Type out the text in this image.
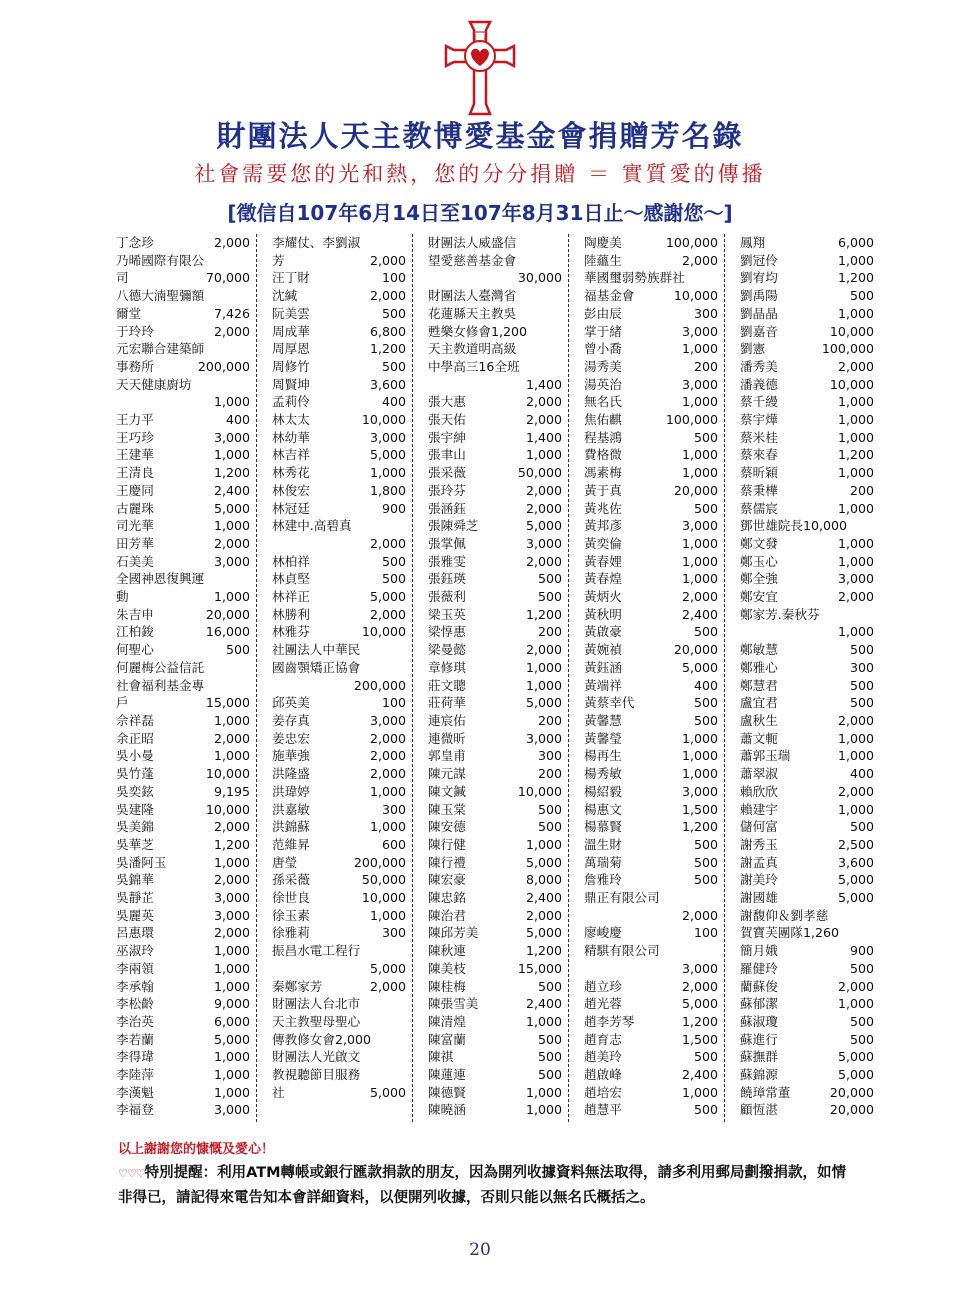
財團法人天主教博愛基金會捐贈芳名錄
社會需要您的光和熱，您的分分捐贈 ＝ 實質愛的傳播
[徵信自107年6月14日至107年8月31日止～感謝您～]
丁念珍	2,000
乃晞國際有限公
司	70,000
八德大湳聖彌額
爾堂	7,426
于玲玲	2,000
元宏聯合建築師
事務所	200,000
天天健康廚坊
1,000
王力平	400
王巧珍	3,000
王建華	1,000
王清良	1,200
王慶同	2,400
古麗珠	5,000
司光華	1,000
田芳華	2,000
石美美	3,000
全國神恩復興運
動	1,000
朱吉申	20,000
江柏鋑	16,000
何聖心	500
何麗梅公益信託
社會福利基金專
戶	15,000
佘祥磊	1,000
余正昭	2,000
吳小曼	1,000
吳竹蓬	10,000
吳奕鉉	9,195
吳建隆	10,000
吳美錦	2,000
吳華芝	1,200
吳潘阿玉	1,000
吳錦華	2,000
吳靜芷	3,000
吳麗英	3,000
呂惠環	2,000
巫淑玲	1,000
李兩領	1,000
李承翰	1,000
李松齡	9,000
李治英	6,000
李若蘭	5,000
李得瑋	1,000
李陸萍	1,000
李漢魁	1,000
李福登	3,000
李耀仗、李劉淑
芳	2,000
汪丁財	100
沈緘	2,000
阮美雲	500
周成華	6,800
周厚恩	1,200
周修竹	500
周賢坤	3,600
孟莉伶	400
林太太	10,000
林幼華	3,000
林吉祥	5,000
林秀花	1,000
林俊宏	1,800
林冠廷	900
林建中.高碧真
2,000
林柏祥	500
林貞堅	500
林祥正	5,000
林勝利	2,000
林雅芬	10,000
社團法人中華民
國齒顎矯正協會
200,000
邱英美	100
姜存真	3,000
姜忠宏	2,000
施華強	2,000
洪隆盛	2,000
洪瑋婷	1,000
洪嘉敏	300
洪錦蘇	1,000
范維昇	600
唐瑩	200,000
孫采薇	50,000
徐世良	10,000
徐玉素	1,000
徐雅莉	300
振昌水電工程行
5,000
秦鄭家芳	2,000
財團法人台北市
天主教聖母聖心
傳教修女會2,000
財團法人光啟文
教視聽節目服務
社	5,000
財團法人威盛信
望愛慈善基金會
30,000
財團法人臺灣省
花蓮縣天主教吳
甦樂女修會1,200
天主教道明高級
中學高三16全班
1,400
張大惠	2,000
張天佑	2,000
張宇紳	1,400
張聿山	1,000
張采薇	50,000
張玲芬	2,000
張涵鈺	2,000
張陳舜芝	5,000
張掌佩	3,000
張雅雯	2,000
張鈺瑛	500
張薇利	500
梁玉英	1,200
梁惇惠	200
梁曼懿	2,000
章修琪	1,000
莊文聰	1,000
莊荷華	5,000
連宸佑	200
連微昕	3,000
郭皇甫	300
陳元謀	200
陳文鍼	10,000
陳玉棠	500
陳安德	500
陳行健	1,000
陳行禮	5,000
陳宏豪	8,000
陳忠銘	2,400
陳治君	2,000
陳邱芳美	5,000
陳秋連	1,200
陳美枝	15,000
陳桂梅	500
陳張雪美	2,400
陳清煌	1,000
陳富蘭	500
陳祺	500
陳蓮連	500
陳德賢	1,000
陳曉涵	1,000
陶慶美	100,000
陸蘊生	2,000
華國璽弱勢族群社
福基金會	10,000
彭由辰	300
掌于緒	3,000
曾小喬	1,000
湯秀美	200
湯英治	3,000
無名氏	1,000
焦佑麒	100,000
程基鴻	500
費格微	1,000
馮素梅	1,000
黃于真	20,000
黃兆佐	500
黃邦彥	3,000
黃奕倫	1,000
黃春娌	1,000
黃春煌	1,000
黃炳火	2,000
黃秋明	2,400
黃啟豪	500
黃婉禎	20,000
黃鈺涵	5,000
黃端祥	400
黃蔡幸代	500
黃馨慧	500
黃馨瑩	1,000
楊再生	1,000
楊秀敏	1,000
楊紹毅	3,000
楊惠文	1,500
楊慕賢	1,200
溫生財	500
萬瑞菊	500
詹雅玲	500
鼎正有限公司
2,000
廖峻慶	100
精騏有限公司
3,000
趙立珍	2,000
趙光蓉	5,000
趙李芳琴	1,200
趙育志	1,500
趙美玲	500
趙啟峰	2,400
趙培宏	1,000
趙慧平	500
鳳翔	6,000
劉冠伶	1,000
劉宥均	1,200
劉禹陽	500
劉晶晶	1,000
劉嘉音	10,000
劉憲	100,000
潘秀美	2,000
潘義德	10,000
蔡千縵	1,000
蔡宇燁	1,000
蔡米桂	1,000
蔡來春	1,200
蔡昕穎	1,000
蔡秉樺	200
蔡儒宸	1,000
鄧世雄院長10,000
鄭文發	1,000
鄭玉心	1,000
鄭全強	3,000
鄭安宜	2,000
鄭家芳.秦秋芬
1,000
鄭敏慧	500
鄭雅心	300
鄭慧君	500
盧宜君	500
盧秋生	2,000
蕭文軛	1,000
蕭郭玉瑞	1,000
蕭翠淑	400
賴欣欣	2,000
賴建宇	1,000
儲何富	500
謝秀玉	2,500
謝孟真	3,600
謝美玲	5,000
謝國雄	5,000
謝馥仰＆劉孝慈
賀寶芙團隊1,260
簡月娥	900
羅健玲	500
藺蘇俊	2,000
蘇郁潔	1,000
蘇淑瓊	500
蘇進行	500
蘇撫群	5,000
蘇錦源	5,000
饒璋常董	20,000
顧恆湛	20,000
以上謝謝您的慷慨及愛心！

♡♡♡特別提醒：利用ATM轉帳或銀行匯款捐款的朋友，因為開列收據資料無法取得，請多利用郵局劃撥捐款，如情非得已，請記得來電告知本會詳細資料，以便開列收據，否則只能以無名氏概括之。

20
